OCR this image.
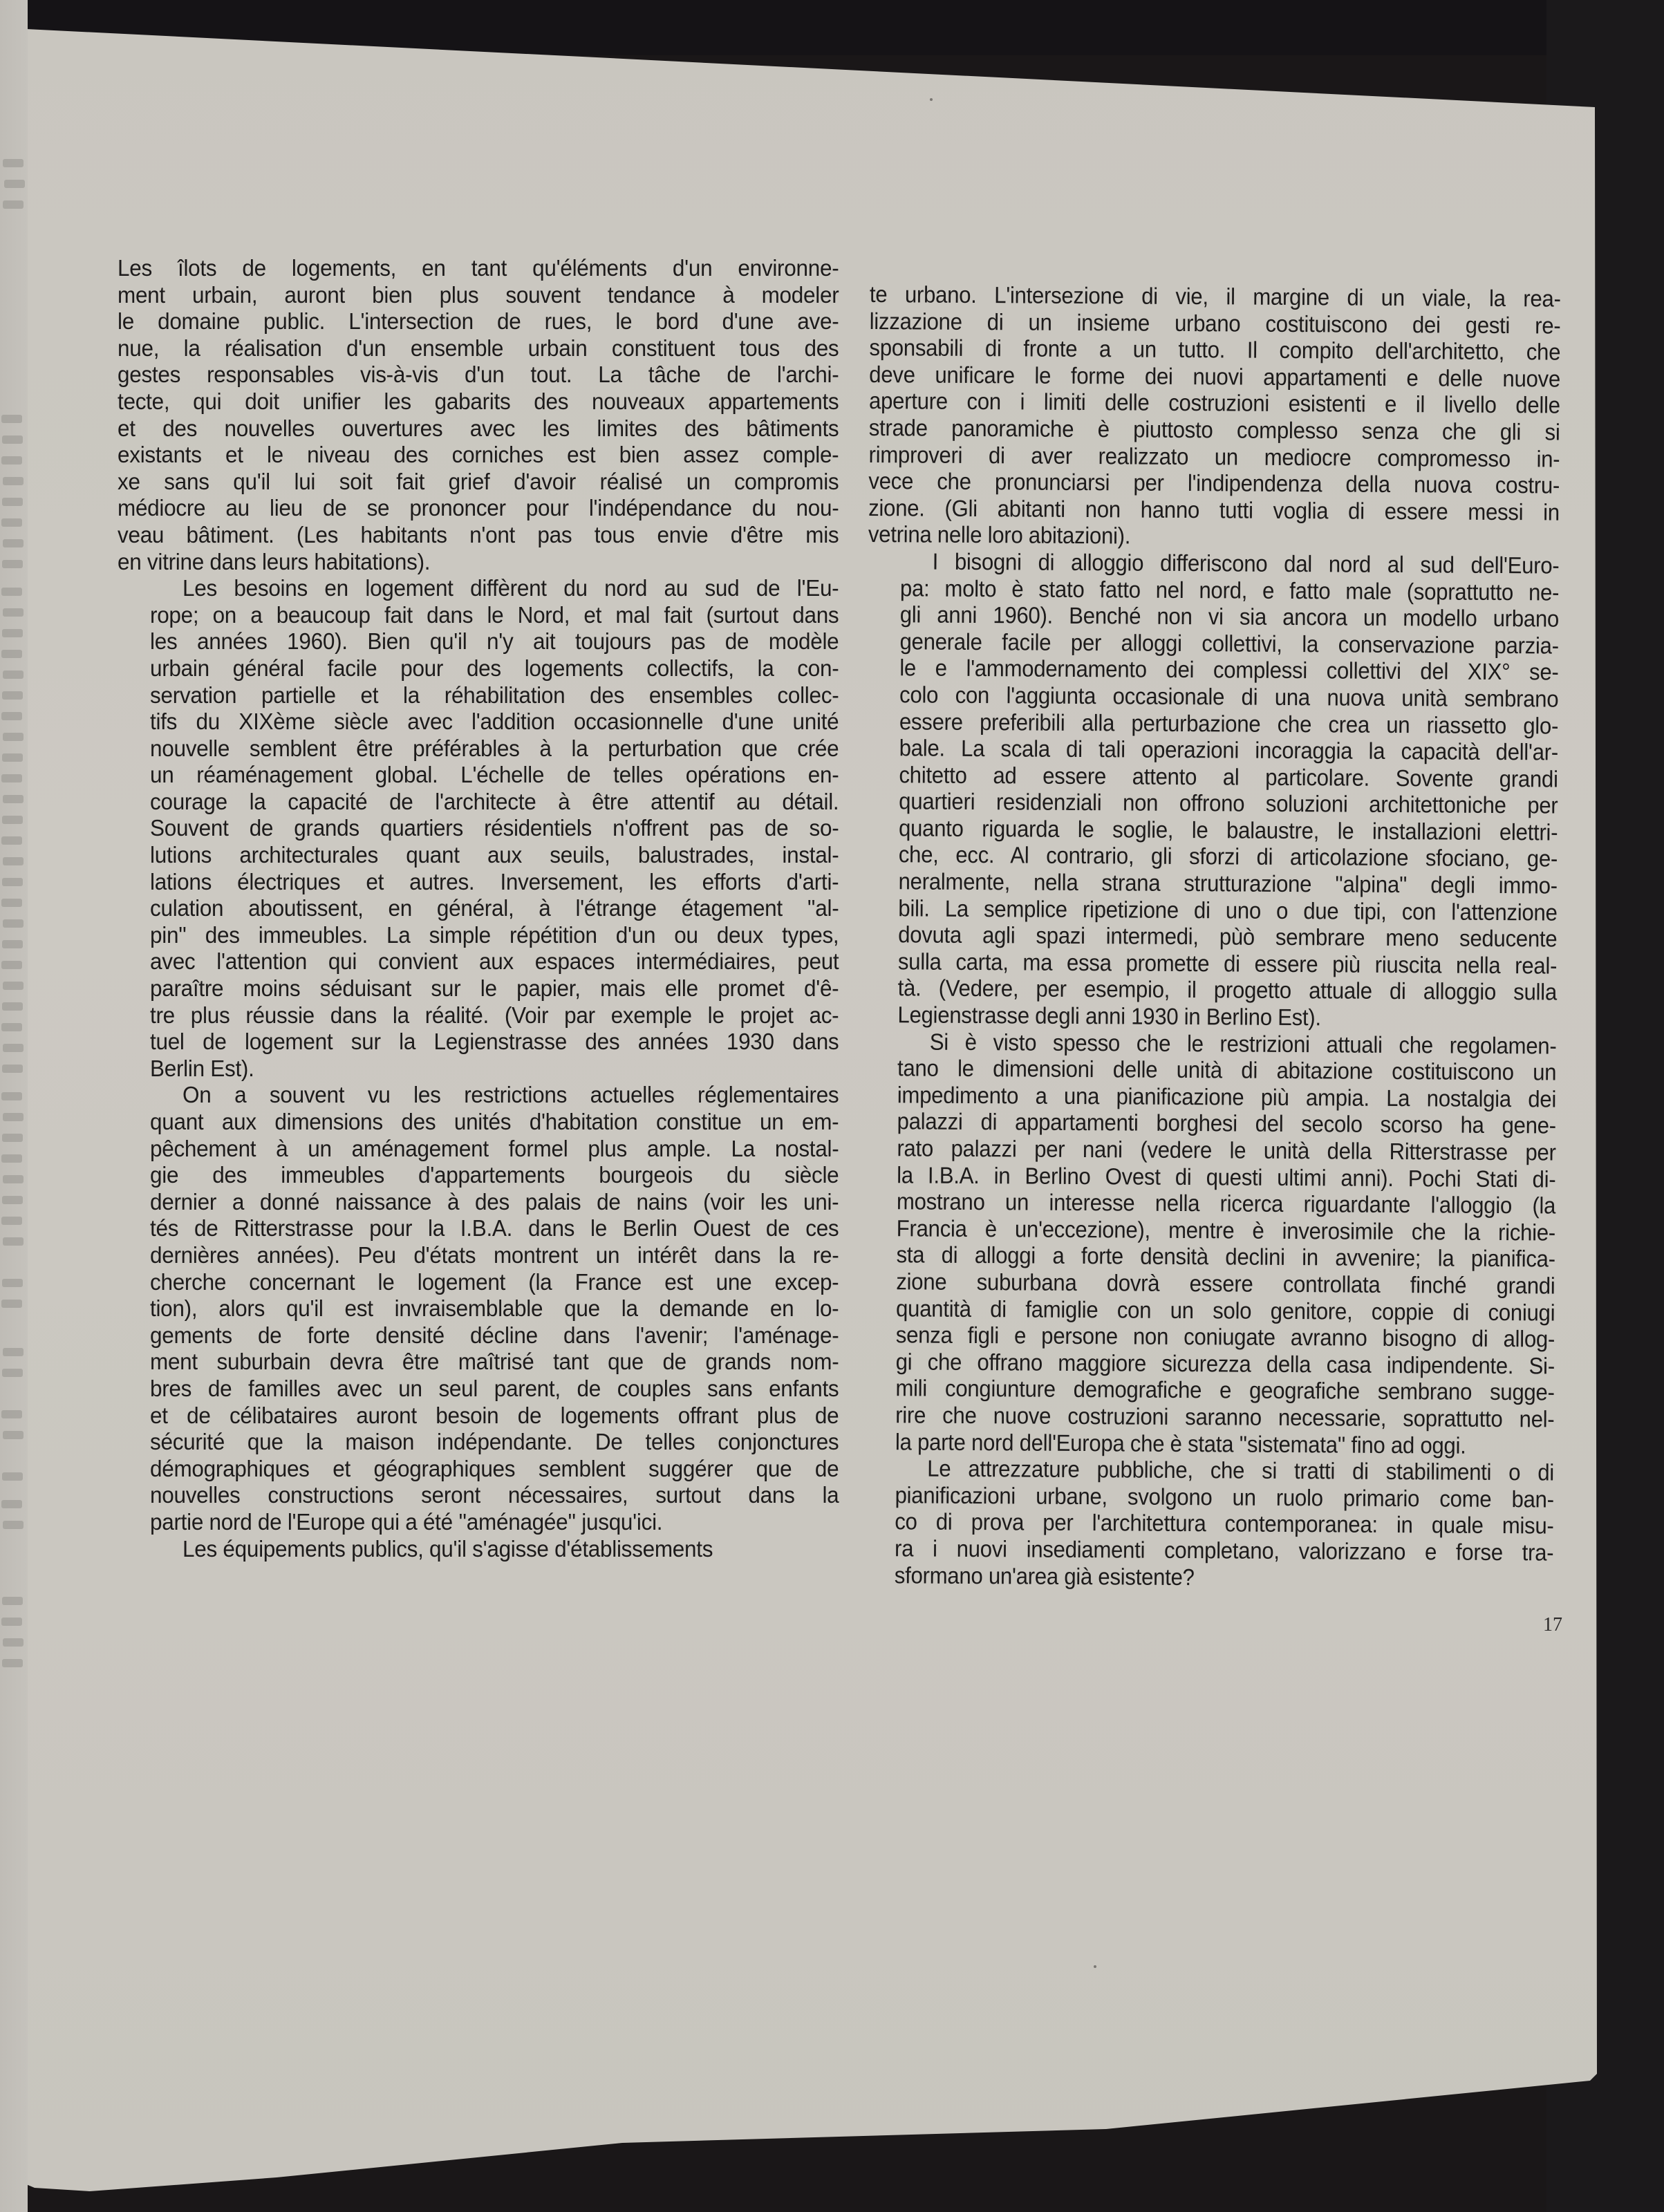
Les îlots de logements, en tant qu'éléments d'un environne-
ment urbain, auront bien plus souvent tendance à modeler
le domaine public. L'intersection de rues, le bord d'une ave-
nue, la réalisation d'un ensemble urbain constituent tous des
gestes responsables vis-à-vis d'un tout. La tâche de l'archi-
tecte, qui doit unifier les gabarits des nouveaux appartements
et des nouvelles ouvertures avec les limites des bâtiments
existants et le niveau des corniches est bien assez comple-
xe sans qu'il lui soit fait grief d'avoir réalisé un compromis
médiocre au lieu de se prononcer pour l'indépendance du nou-
veau bâtiment. (Les habitants n'ont pas tous envie d'être mis
en vitrine dans leurs habitations).

Les besoins en logement diffèrent du nord au sud de l'Eu-
rope; on a beaucoup fait dans le Nord, et mal fait (surtout dans
les années 1960). Bien qu'il n'y ait toujours pas de modèle
urbain général facile pour des logements collectifs, la con-
servation partielle et la réhabilitation des ensembles collec-
tifs du XIXème siècle avec l'addition occasionnelle d'une unité
nouvelle semblent être préférables à la perturbation que crée
un réaménagement global. L'échelle de telles opérations en-
courage la capacité de l'architecte à être attentif au détail.
Souvent de grands quartiers résidentiels n'offrent pas de so-
lutions architecturales quant aux seuils, balustrades, instal-
lations électriques et autres. Inversement, les efforts d'arti-
culation aboutissent, en général, à l'étrange étagement ''al-
pin'' des immeubles. La simple répétition d'un ou deux types,
avec l'attention qui convient aux espaces intermédiaires, peut
paraître moins séduisant sur le papier, mais elle promet d'ê-
tre plus réussie dans la réalité. (Voir par exemple le projet ac-
tuel de logement sur la Legienstrasse des années 1930 dans
Berlin Est).

On a souvent vu les restrictions actuelles réglementaires
quant aux dimensions des unités d'habitation constitue un em-
pêchement à un aménagement formel plus ample. La nostal-
gie des immeubles d'appartements bourgeois du siècle
dernier a donné naissance à des palais de nains (voir les uni-
tés de Ritterstrasse pour la I.B.A. dans le Berlin Ouest de ces
dernières années). Peu d'états montrent un intérêt dans la re-
cherche concernant le logement (la France est une excep-
tion), alors qu'il est invraisemblable que la demande en lo-
gements de forte densité décline dans l'avenir; l'aménage-
ment suburbain devra être maîtrisé tant que de grands nom-
bres de familles avec un seul parent, de couples sans enfants
et de célibataires auront besoin de logements offrant plus de
sécurité que la maison indépendante. De telles conjonctures
démographiques et géographiques semblent suggérer que de
nouvelles constructions seront nécessaires, surtout dans la
partie nord de l'Europe qui a été ''aménagée'' jusqu'ici.

Les équipements publics, qu'il s'agisse d'établissements

te urbano. L'intersezione di vie, il margine di un viale, la rea-
lizzazione di un insieme urbano costituiscono dei gesti re-
sponsabili di fronte a un tutto. Il compito dell'architetto, che
deve unificare le forme dei nuovi appartamenti e delle nuove
aperture con i limiti delle costruzioni esistenti e il livello delle
strade panoramiche è piuttosto complesso senza che gli si
rimproveri di aver realizzato un mediocre compromesso in-
vece che pronunciarsi per l'indipendenza della nuova costru-
zione. (Gli abitanti non hanno tutti voglia di essere messi in
vetrina nelle loro abitazioni).

I bisogni di alloggio differiscono dal nord al sud dell'Euro-
pa: molto è stato fatto nel nord, e fatto male (soprattutto ne-
gli anni 1960). Benché non vi sia ancora un modello urbano
generale facile per alloggi collettivi, la conservazione parzia-
le e l'ammodernamento dei complessi collettivi del XIX° se-
colo con l'aggiunta occasionale di una nuova unità sembrano
essere preferibili alla perturbazione che crea un riassetto glo-
bale. La scala di tali operazioni incoraggia la capacità dell'ar-
chitetto ad essere attento al particolare. Sovente grandi
quartieri residenziali non offrono soluzioni architettoniche per
quanto riguarda le soglie, le balaustre, le installazioni elettri-
che, ecc. Al contrario, gli sforzi di articolazione sfociano, ge-
neralmente, nella strana strutturazione ''alpina'' degli immo-
bili. La semplice ripetizione di uno o due tipi, con l'attenzione
dovuta agli spazi intermedi, pùò sembrare meno seducente
sulla carta, ma essa promette di essere più riuscita nella real-
tà. (Vedere, per esempio, il progetto attuale di alloggio sulla
Legienstrasse degli anni 1930 in Berlino Est).

Si è visto spesso che le restrizioni attuali che regolamen-
tano le dimensioni delle unità di abitazione costituiscono un
impedimento a una pianificazione più ampia. La nostalgia dei
palazzi di appartamenti borghesi del secolo scorso ha gene-
rato palazzi per nani (vedere le unità della Ritterstrasse per
la I.B.A. in Berlino Ovest di questi ultimi anni). Pochi Stati di-
mostrano un interesse nella ricerca riguardante l'alloggio (la
Francia è un'eccezione), mentre è inverosimile che la richie-
sta di alloggi a forte densità declini in avvenire; la pianifica-
zione suburbana dovrà essere controllata finché grandi
quantità di famiglie con un solo genitore, coppie di coniugi
senza figli e persone non coniugate avranno bisogno di allog-
gi che offrano maggiore sicurezza della casa indipendente. Si-
mili congiunture demografiche e geografiche sembrano sugge-
rire che nuove costruzioni saranno necessarie, soprattutto nel-
la parte nord dell'Europa che è stata ''sistemata'' fino ad oggi.

Le attrezzature pubbliche, che si tratti di stabilimenti o di
pianificazioni urbane, svolgono un ruolo primario come ban-
co di prova per l'architettura contemporanea: in quale misu-
ra i nuovi insediamenti completano, valorizzano e forse tra-
sformano un'area già esistente?

17
